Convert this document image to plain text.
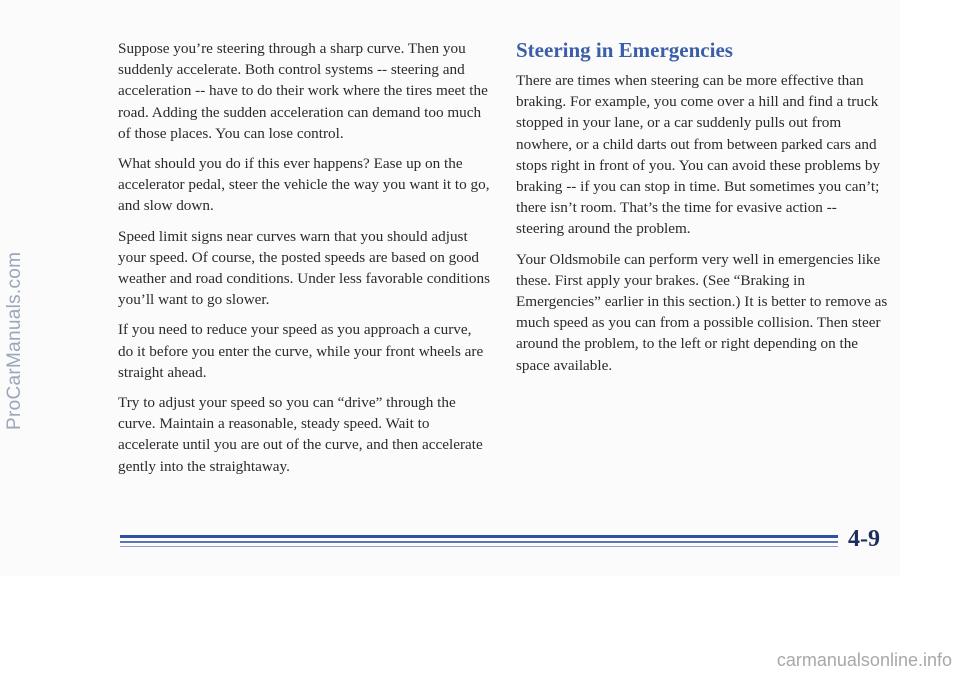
Suppose you’re steering through a sharp curve. Then you suddenly accelerate. Both control systems -- steering and acceleration -- have to do their work where the tires meet the road. Adding the sudden acceleration can demand too much of those places. You can lose control.

What should you do if this ever happens? Ease up on the accelerator pedal, steer the vehicle the way you want it to go, and slow down.

Speed limit signs near curves warn that you should adjust your speed. Of course, the posted speeds are based on good weather and road conditions. Under less favorable conditions you’ll want to go slower.

If you need to reduce your speed as you approach a curve, do it before you enter the curve, while your front wheels are straight ahead.

Try to adjust your speed so you can “drive” through the curve. Maintain a reasonable, steady speed. Wait to accelerate until you are out of the curve, and then accelerate gently into the straightaway.

Steering in Emergencies

There are times when steering can be more effective than braking. For example, you come over a hill and find a truck stopped in your lane, or a car suddenly pulls out from nowhere, or a child darts out from between parked cars and stops right in front of you. You can avoid these problems by braking -- if you can stop in time. But sometimes you can’t; there isn’t room. That’s the time for evasive action -- steering around the problem.

Your Oldsmobile can perform very well in emergencies like these. First apply your brakes. (See “Braking in Emergencies” earlier in this section.) It is better to remove as much speed as you can from a possible collision. Then steer around the problem, to the left or right depending on the space available.

4-9
ProCarManuals.com
carmanualsonline.info
